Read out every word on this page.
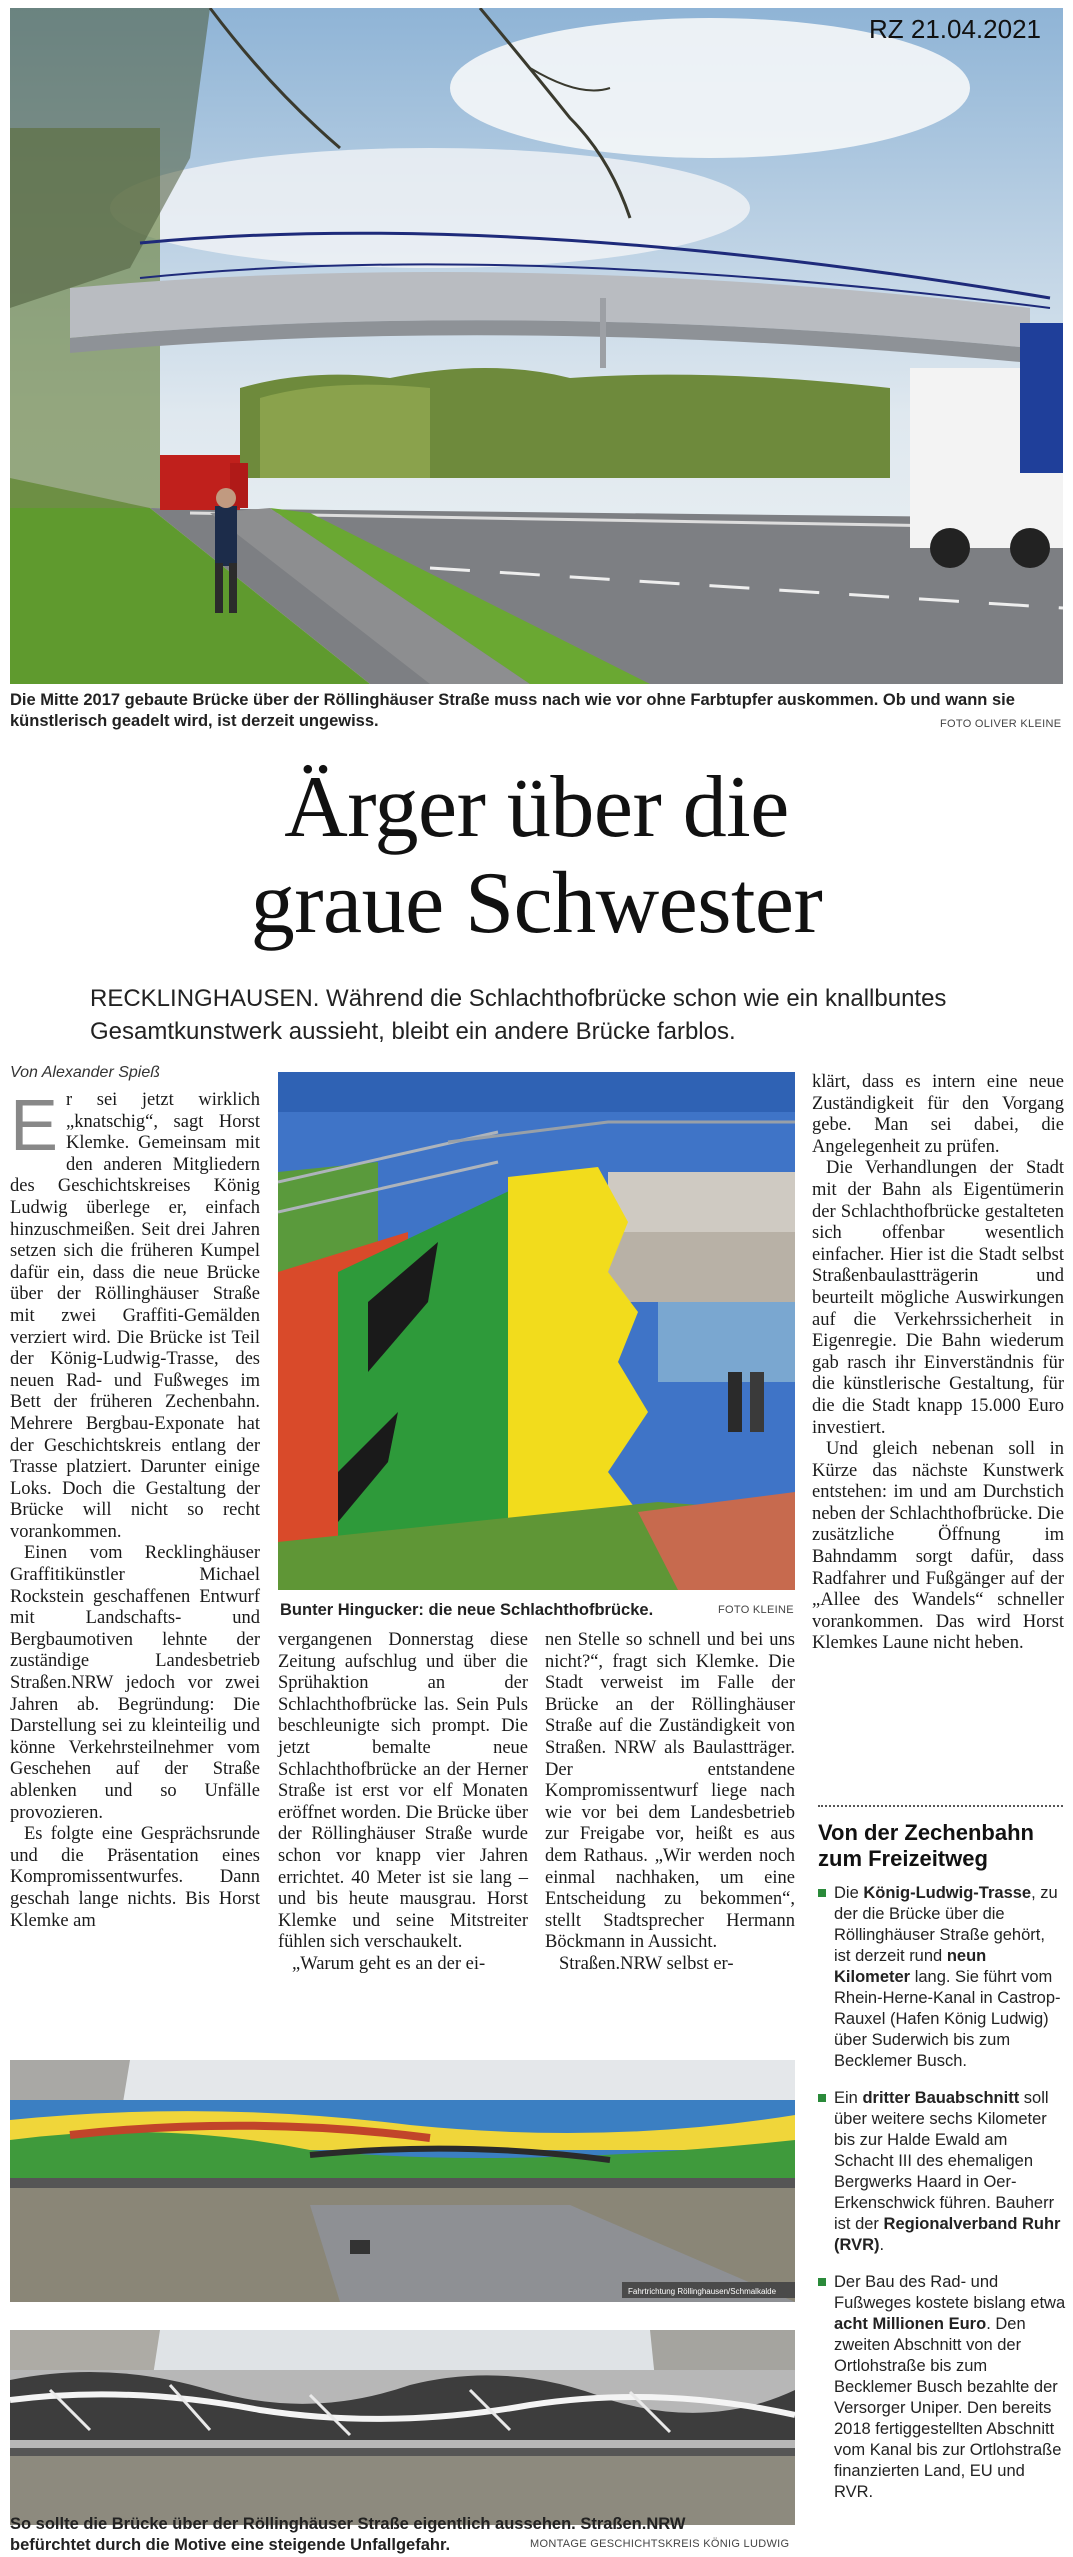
RZ 21.04.2021
Die Mitte 2017 gebaute Brücke über der Röllinghäuser Straße muss nach wie vor ohne Farbtupfer auskommen. Ob und wann sie künstlerisch geadelt wird, ist derzeit ungewiss.	FOTO OLIVER KLEINE
Ärger über die
graue Schwester
RECKLINGHAUSEN. Während die Schlachthofbrücke schon wie ein knallbuntes Gesamtkunstwerk aussieht, bleibt ein andere Brücke farblos.
Von Alexander Spieß

Er sei jetzt wirklich „knatschig“, sagt Horst Klemke. Gemeinsam mit den anderen Mitgliedern des Geschichtskreises König Ludwig überlege er, einfach hinzuschmeißen. Seit drei Jahren setzen sich die früheren Kumpel dafür ein, dass die neue Brücke über der Röllinghäuser Straße mit zwei Graffiti-Gemälden verziert wird. Die Brücke ist Teil der König-Ludwig-Trasse, des neuen Rad- und Fußweges im Bett der früheren Zechenbahn. Mehrere Bergbau-Exponate hat der Geschichtskreis entlang der Trasse platziert. Darunter einige Loks. Doch die Gestaltung der Brücke will nicht so recht vorankommen.

Einen vom Recklinghäuser Graffitikünstler Michael Rockstein geschaffenen Entwurf mit Landschafts- und Bergbaumotiven lehnte der zuständige Landesbetrieb Straßen.NRW jedoch vor zwei Jahren ab. Begründung: Die Darstellung sei zu kleinteilig und könne Verkehrsteilnehmer vom Geschehen auf der Straße ablenken und so Unfälle provozieren.

Es folgte eine Gesprächsrunde und die Präsentation eines Kompromissentwurfes. Dann geschah lange nichts. Bis Horst Klemke am

Bunter Hingucker: die neue Schlachthofbrücke.	FOTO KLEINE

vergangenen Donnerstag diese Zeitung aufschlug und über die Sprühaktion an der Schlachthofbrücke las. Sein Puls beschleunigte sich prompt. Die jetzt bemalte neue Schlachthofbrücke an der Herner Straße ist erst vor elf Monaten eröffnet worden. Die Brücke über der Röllinghäuser Straße wurde schon vor knapp vier Jahren errichtet. 40 Meter ist sie lang – und bis heute mausgrau. Horst Klemke und seine Mitstreiter fühlen sich verschaukelt.

„Warum geht es an der ei-

nen Stelle so schnell und bei uns nicht?“, fragt sich Klemke. Die Stadt verweist im Falle der Brücke an der Röllinghäuser Straße auf die Zuständigkeit von Straßen. NRW als Baulastträger. Der entstandene Kompromissentwurf liege nach wie vor bei dem Landesbetrieb zur Freigabe vor, heißt es aus dem Rathaus. „Wir werden noch einmal nachhaken, um eine Entscheidung zu bekommen“, stellt Stadtsprecher Hermann Böckmann in Aussicht.

Straßen.NRW selbst er-

klärt, dass es intern eine neue Zuständigkeit für den Vorgang gebe. Man sei dabei, die Angelegenheit zu prüfen.

Die Verhandlungen der Stadt mit der Bahn als Eigentümerin der Schlachthofbrücke gestalteten sich offenbar wesentlich einfacher. Hier ist die Stadt selbst Straßenbaulastträgerin und beurteilt mögliche Auswirkungen auf die Verkehrssicherheit in Eigenregie. Die Bahn wiederum gab rasch ihr Einverständnis für die künstlerische Gestaltung, für die die Stadt knapp 15.000 Euro investiert.

Und gleich nebenan soll in Kürze das nächste Kunstwerk entstehen: im und am Durchstich neben der Schlachthofbrücke. Die zusätzliche Öffnung im Bahndamm sorgt dafür, dass Radfahrer und Fußgänger auf der „Allee des Wandels“ schneller vorankommen. Das wird Horst Klemkes Laune nicht heben.

Fahrtrichtung Röllinghausen/Schmalkalde
So sollte die Brücke über der Röllinghäuser Straße eigentlich aussehen. Straßen.NRW befürchtet durch die Motive eine steigende Unfallgefahr.	MONTAGE GESCHICHTSKREIS KÖNIG LUDWIG
Von der Zechenbahn zum Freizeitweg
Die König-Ludwig-Trasse, zu der die Brücke über die Röllinghäuser Straße gehört, ist derzeit rund neun Kilometer lang. Sie führt vom Rhein-Herne-Kanal in Castrop-Rauxel (Hafen König Ludwig) über Suderwich bis zum Becklemer Busch.
Ein dritter Bauabschnitt soll über weitere sechs Kilometer bis zur Halde Ewald am Schacht III des ehemaligen Bergwerks Haard in Oer-Erkenschwick führen. Bauherr ist der Regionalverband Ruhr (RVR).
Der Bau des Rad- und Fußweges kostete bislang etwa acht Millionen Euro. Den zweiten Abschnitt von der Ortlohstraße bis zum Becklemer Busch bezahlte der Versorger Uniper. Den bereits 2018 fertiggestellten Abschnitt vom Kanal bis zur Ortlohstraße finanzierten Land, EU und RVR.
